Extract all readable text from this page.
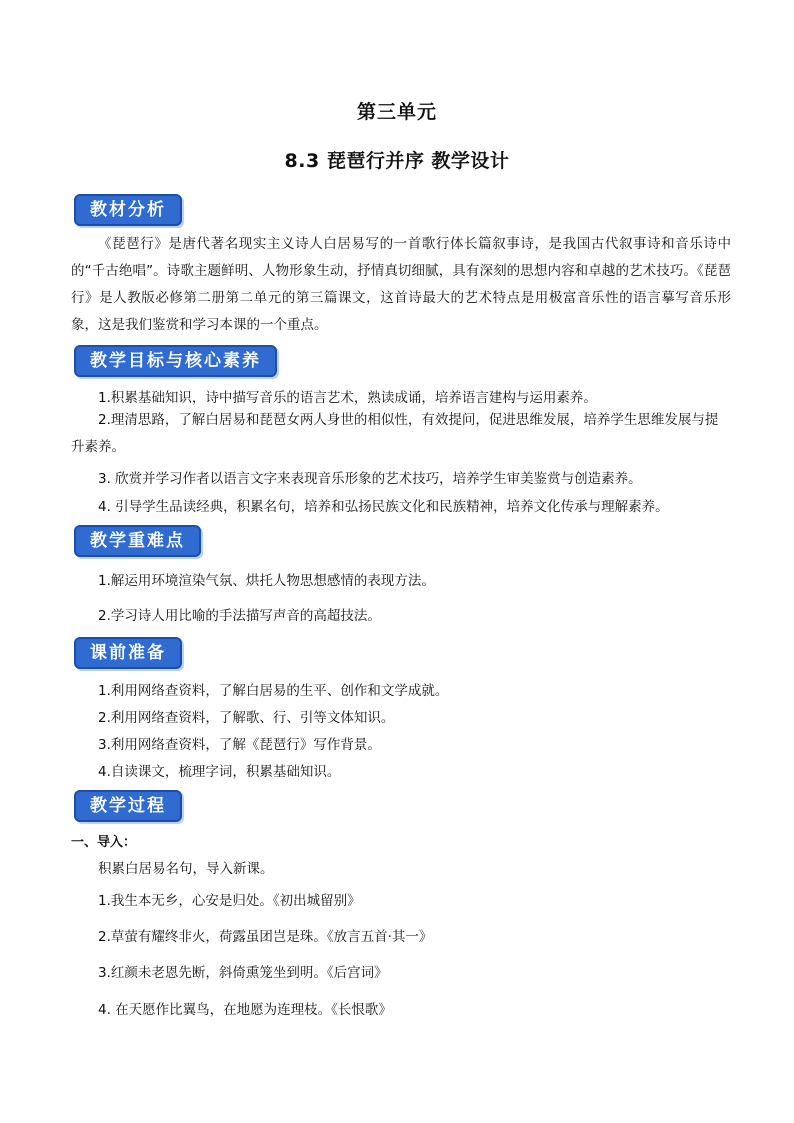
第三单元
8.3 琵琶行并序 教学设计
教材分析
《琵琶行》是唐代著名现实主义诗人白居易写的一首歌行体长篇叙事诗，是我国古代叙事诗和音乐诗中的“千古绝唱”。诗歌主题鲜明、人物形象生动，抒情真切细腻，具有深刻的思想内容和卓越的艺术技巧。《琵琶行》是人教版必修第二册第二单元的第三篇课文，这首诗最大的艺术特点是用极富音乐性的语言摹写音乐形象，这是我们鉴赏和学习本课的一个重点。
教学目标与核心素养
1.积累基础知识，诗中描写音乐的语言艺术，熟读成诵，培养语言建构与运用素养。
2.理清思路，了解白居易和琵琶女两人身世的相似性，有效提问，促进思维发展，培养学生思维发展与提升素养。
3. 欣赏并学习作者以语言文字来表现音乐形象的艺术技巧，培养学生审美鉴赏与创造素养。
4. 引导学生品读经典，积累名句，培养和弘扬民族文化和民族精神，培养文化传承与理解素养。
教学重难点
1.解运用环境渲染气氛、烘托人物思想感情的表现方法。
2.学习诗人用比喻的手法描写声音的高超技法。
课前准备
1.利用网络查资料，了解白居易的生平、创作和文学成就。
2.利用网络查资料，了解歌、行、引等文体知识。
3.利用网络查资料，了解《琵琶行》写作背景。
4.自读课文，梳理字词，积累基础知识。
教学过程
一、导入：
积累白居易名句，导入新课。
1.我生本无乡，心安是归处。《初出城留别》
2.草萤有耀终非火，荷露虽团岂是珠。《放言五首·其一》
3.红颜未老恩先断，斜倚熏笼坐到明。《后宫词》
4. 在天愿作比翼鸟，在地愿为连理枝。《长恨歌》
